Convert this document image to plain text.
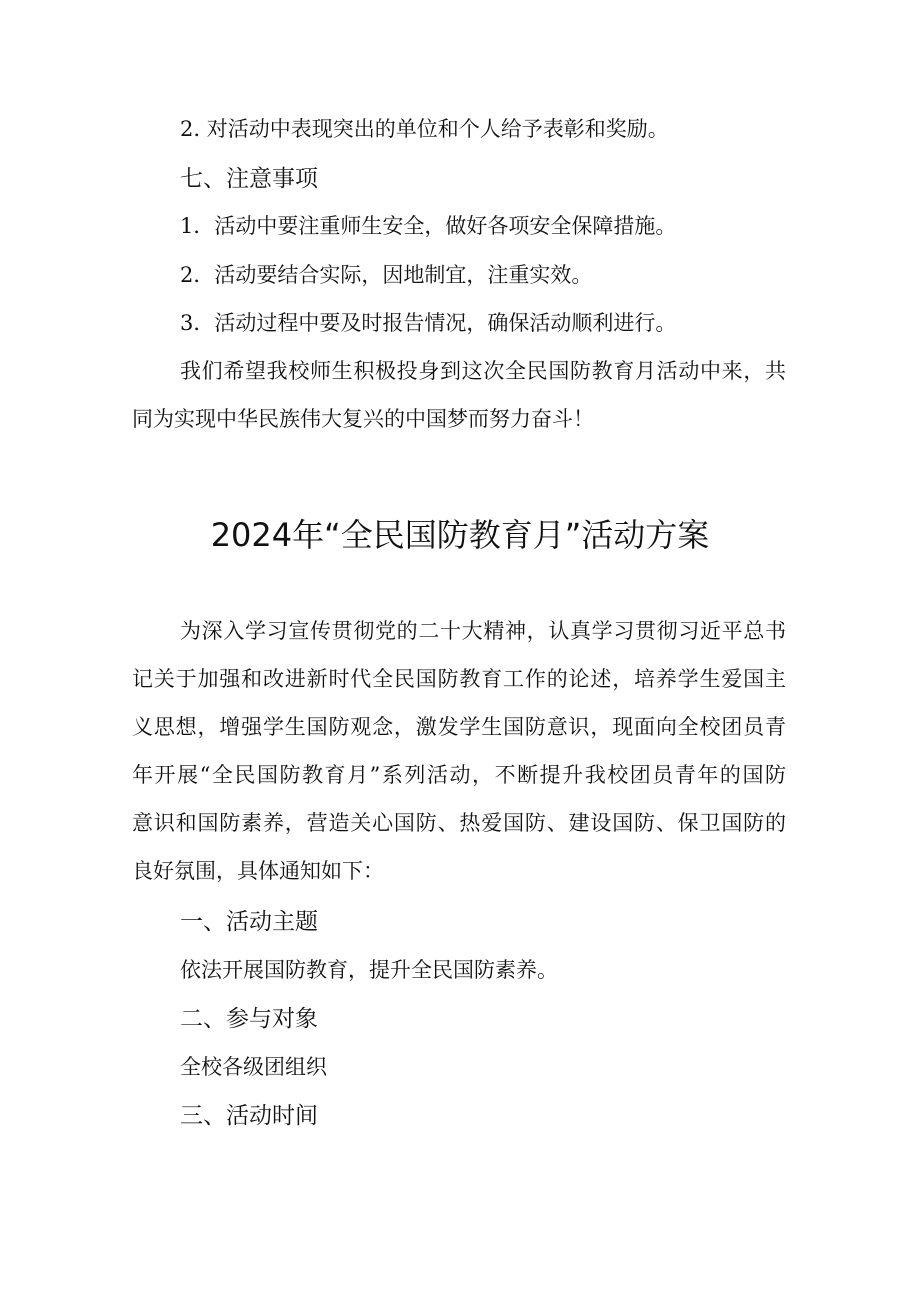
2. 对活动中表现突出的单位和个人给予表彰和奖励。
七、注意事项
1．活动中要注重师生安全，做好各项安全保障措施。
2．活动要结合实际，因地制宜，注重实效。
3．活动过程中要及时报告情况，确保活动顺利进行。
我们希望我校师生积极投身到这次全民国防教育月活动中来，共
同为实现中华民族伟大复兴的中国梦而努力奋斗！
2024年“全民国防教育月”活动方案
为深入学习宣传贯彻党的二十大精神，认真学习贯彻习近平总书
记关于加强和改进新时代全民国防教育工作的论述，培养学生爱国主
义思想，增强学生国防观念，激发学生国防意识，现面向全校团员青
年开展“全民国防教育月”系列活动，不断提升我校团员青年的国防
意识和国防素养，营造关心国防、热爱国防、建设国防、保卫国防的
良好氛围，具体通知如下：
一、活动主题
依法开展国防教育，提升全民国防素养。
二、参与对象
全校各级团组织
三、活动时间
